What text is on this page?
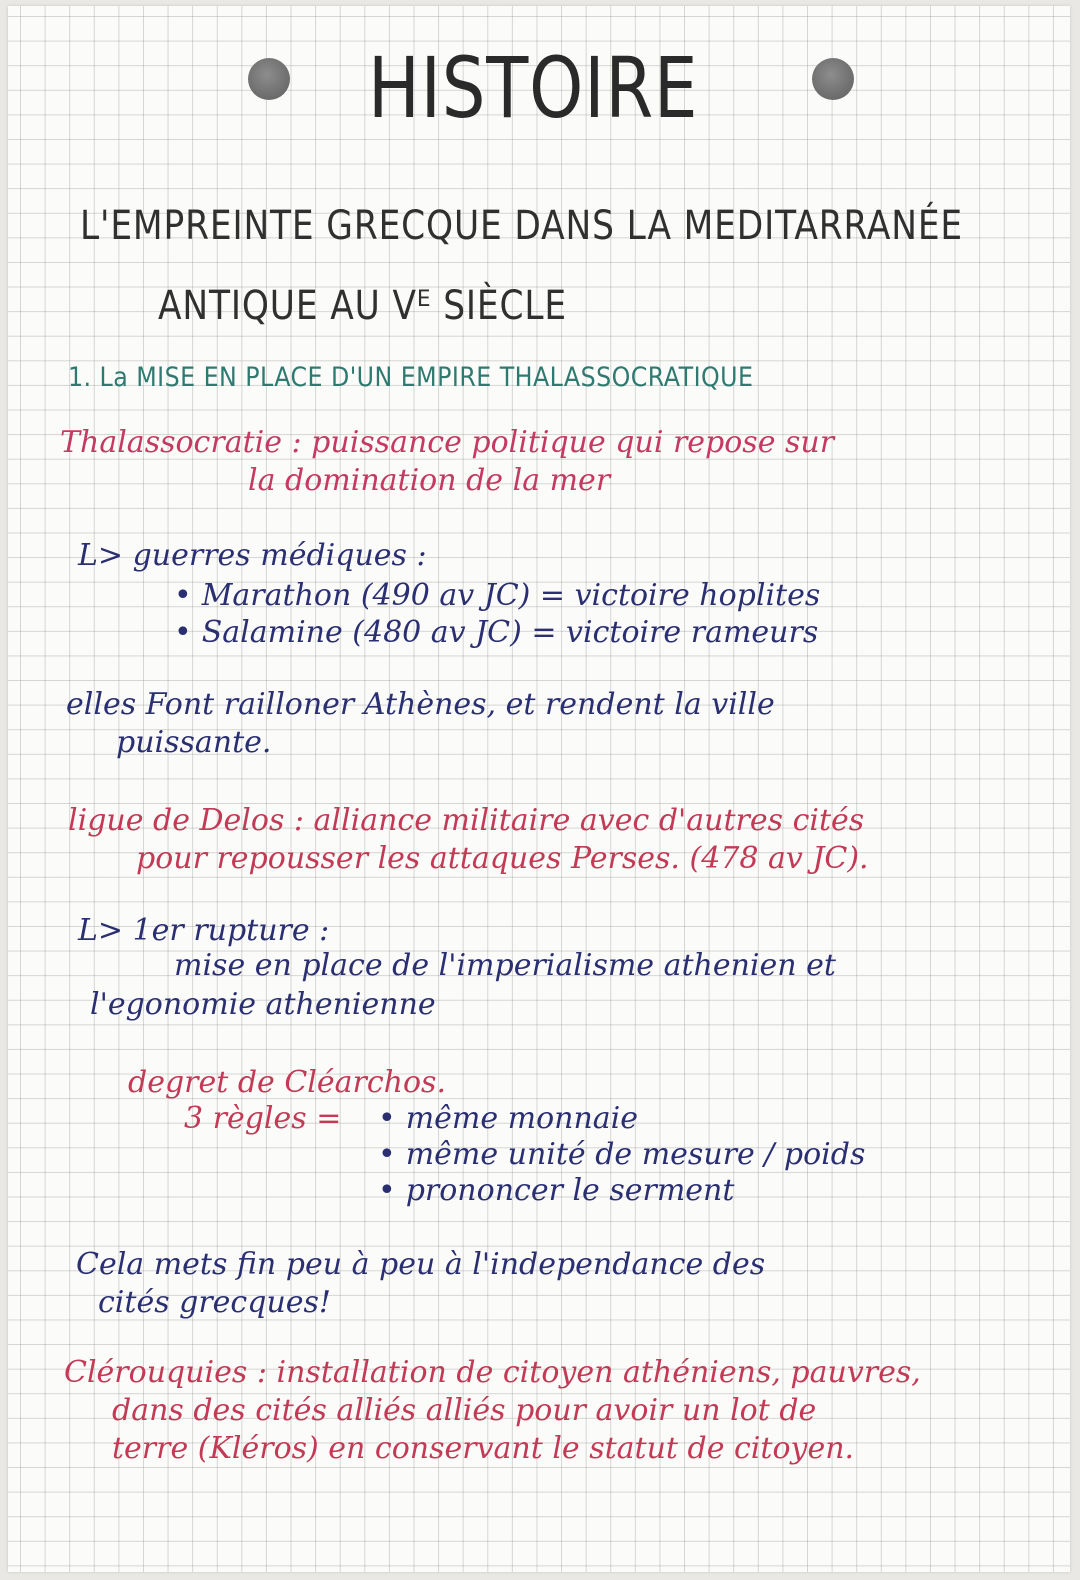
HISTOIRE
L'EMPREINTE GRECQUE DANS LA MEDITARRANÉE
ANTIQUE AU Vᴱ SIÈCLE
1. La MISE EN PLACE D'UN EMPIRE THALASSOCRATIQUE
Thalassocratie : puissance politique qui repose sur
la domination de la mer
L> guerres médiques :
• Marathon (490 av JC) = victoire hoplites
• Salamine (480 av JC) = victoire rameurs
elles Font railloner Athènes, et rendent la ville
puissante.
ligue de Delos : alliance militaire avec d'autres cités
pour repousser les attaques Perses. (478 av JC).
L> 1er rupture :
mise en place de l'imperialisme athenien et
l'egonomie athenienne
degret de Cléarchos.
3 règles =
•	même monnaie
• même unité de mesure / poids
• prononcer le serment
Cela mets fin peu à peu à l'independance des
cités grecques!
Clérouquies : installation de citoyen athéniens, pauvres,
dans des cités alliés alliés pour avoir un lot de
terre (Kléros) en conservant le statut de citoyen.
